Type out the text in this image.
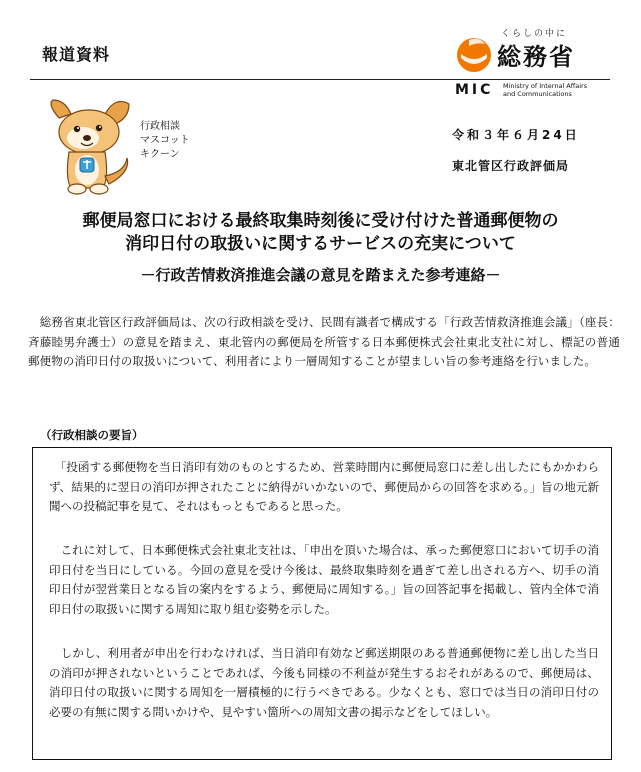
報道資料
くらしの中に
総務省
MIC Ministry of Internal Affairs
and Communications
行政相談
マスコット
キクーン
令和３年６月24日
東北管区行政評価局
郵便局窓口における最終取集時刻後に受け付けた普通郵便物の
消印日付の取扱いに関するサービスの充実について
－行政苦情救済推進会議の意見を踏まえた参考連絡－
　総務省東北管区行政評価局は、次の行政相談を受け、民間有識者で構成する「行政苦情救済推進会議」（座長：斉藤睦男弁護士）の意見を踏まえ、東北管内の郵便局を所管する日本郵便株式会社東北支社に対し、標記の普通郵便物の消印日付の取扱いについて、利用者により一層周知することが望ましい旨の参考連絡を行いました。
（行政相談の要旨）
　「投函する郵便物を当日消印有効のものとするため、営業時間内に郵便局窓口に差し出したにもかかわらず、結果的に翌日の消印が押されたことに納得がいかないので、郵便局からの回答を求める。」旨の地元新聞への投稿記事を見て、それはもっともであると思った。
　これに対して、日本郵便株式会社東北支社は、「申出を頂いた場合は、承った郵便窓口において切手の消印日付を当日にしている。今回の意見を受け今後は、最終取集時刻を過ぎて差し出される方へ、切手の消印日付が翌営業日となる旨の案内をするよう、郵便局に周知する。」旨の回答記事を掲載し、管内全体で消印日付の取扱いに関する周知に取り組む姿勢を示した。
　しかし、利用者が申出を行わなければ、当日消印有効など郵送期限のある普通郵便物に差し出した当日の消印が押されないということであれば、今後も同様の不利益が発生するおそれがあるので、郵便局は、消印日付の取扱いに関する周知を一層積極的に行うべきである。少なくとも、窓口では当日の消印日付の必要の有無に関する問いかけや、見やすい箇所への周知文書の掲示などをしてほしい。
